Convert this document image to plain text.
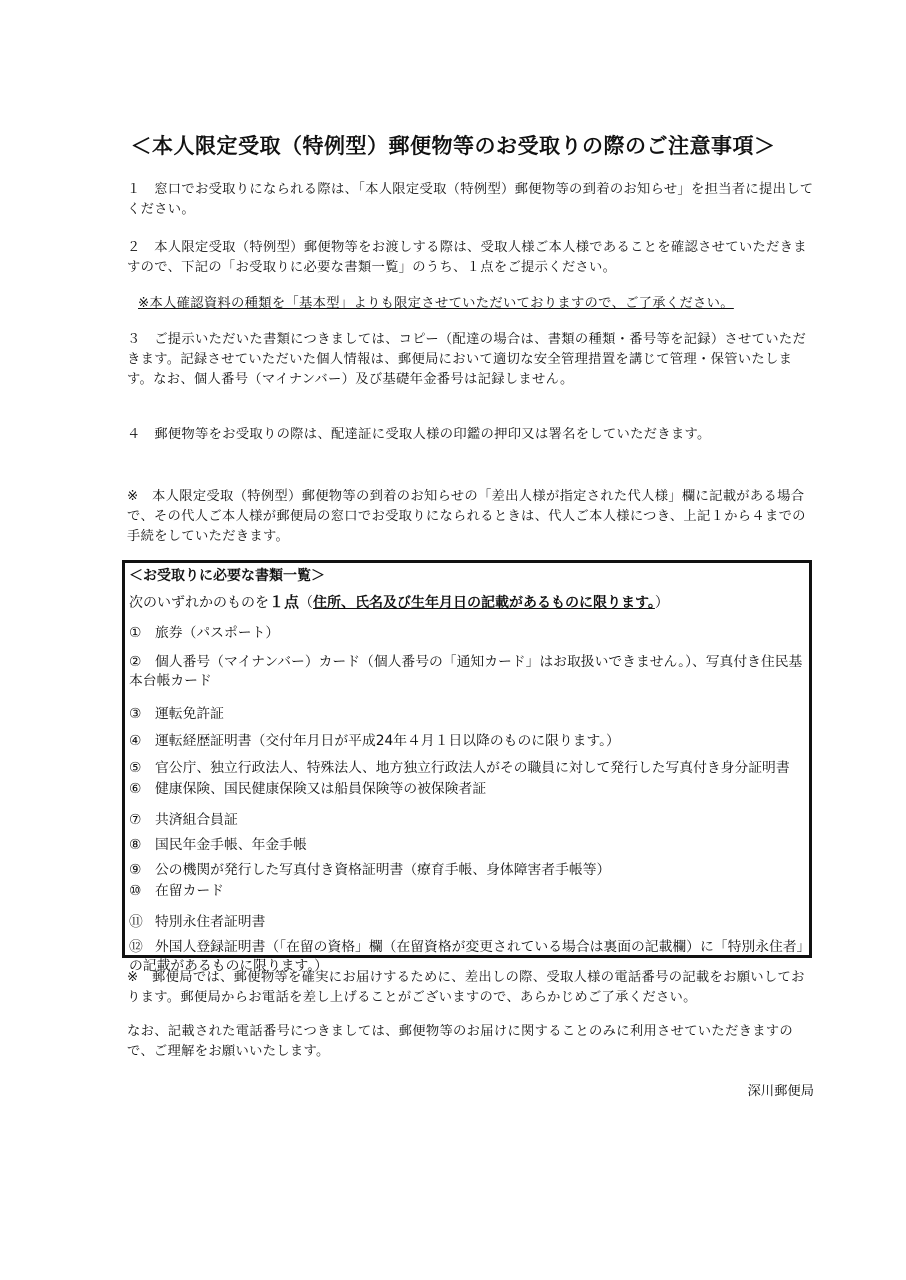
＜本人限定受取（特例型）郵便物等のお受取りの際のご注意事項＞
１　窓口でお受取りになられる際は、「本人限定受取（特例型）郵便物等の到着のお知らせ」を担当者に提出してください。
２　本人限定受取（特例型）郵便物等をお渡しする際は、受取人様ご本人様であることを確認させていただきますので、下記の「お受取りに必要な書類一覧」のうち、１点をご提示ください。
※本人確認資料の種類を「基本型」よりも限定させていただいておりますので、ご了承ください。
３　ご提示いただいた書類につきましては、コピー（配達の場合は、書類の種類・番号等を記録）させていただきます。記録させていただいた個人情報は、郵便局において適切な安全管理措置を講じて管理・保管いたします。なお、個人番号（マイナンバー）及び基礎年金番号は記録しません。
４　郵便物等をお受取りの際は、配達証に受取人様の印鑑の押印又は署名をしていただきます。
※　本人限定受取（特例型）郵便物等の到着のお知らせの「差出人様が指定された代人様」欄に記載がある場合で、その代人ご本人様が郵便局の窓口でお受取りになられるときは、代人ご本人様につき、上記１から４までの手続をしていただきます。
＜お受取りに必要な書類一覧＞
次のいずれかのものを１点（住所、氏名及び生年月日の記載があるものに限ります。）
① 旅券（パスポート）
② 個人番号（マイナンバー）カード（個人番号の「通知カード」はお取扱いできません。）、写真付き住民基本台帳カード
③ 運転免許証
④ 運転経歴証明書（交付年月日が平成24年４月１日以降のものに限ります。）
⑤ 官公庁、独立行政法人、特殊法人、地方独立行政法人がその職員に対して発行した写真付き身分証明書
⑥ 健康保険、国民健康保険又は船員保険等の被保険者証
⑦ 共済組合員証
⑧ 国民年金手帳、年金手帳
⑨ 公の機関が発行した写真付き資格証明書（療育手帳、身体障害者手帳等）
⑩ 在留カード
⑪ 特別永住者証明書
⑫ 外国人登録証明書（「在留の資格」欄（在留資格が変更されている場合は裏面の記載欄）に「特別永住者」の記載があるものに限ります。）
※　郵便局では、郵便物等を確実にお届けするために、差出しの際、受取人様の電話番号の記載をお願いしております。郵便局からお電話を差し上げることがございますので、あらかじめご了承ください。
なお、記載された電話番号につきましては、郵便物等のお届けに関することのみに利用させていただきますので、ご理解をお願いいたします。
深川郵便局
